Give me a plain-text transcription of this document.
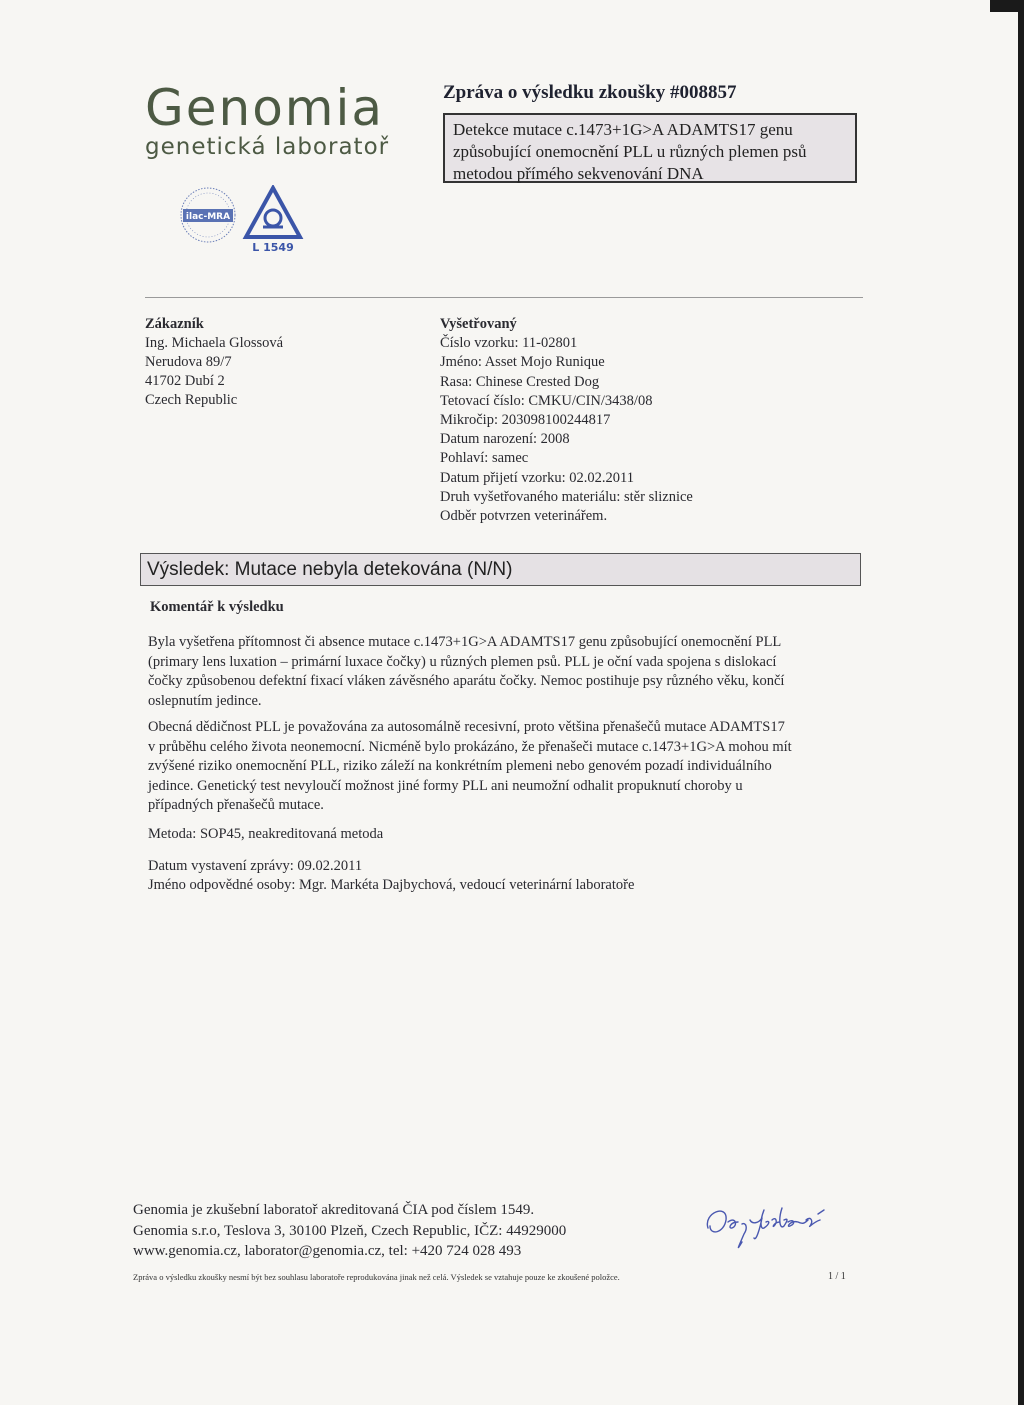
Genomia
genetická laboratoř
ilac-MRA
L 1549
Zpráva o výsledku zkoušky #008857
Detekce mutace c.1473+1G>A ADAMTS17 genu
způsobující onemocnění PLL u různých plemen psů
metodou přímého sekvenování DNA
Zákazník
Ing. Michaela Glossová
Nerudova 89/7
41702 Dubí 2
Czech Republic
Vyšetřovaný
Číslo vzorku: 11-02801
Jméno: Asset Mojo Runique
Rasa: Chinese Crested Dog
Tetovací číslo: CMKU/CIN/3438/08
Mikročip: 203098100244817
Datum narození: 2008
Pohlaví: samec
Datum přijetí vzorku: 02.02.2011
Druh vyšetřovaného materiálu: stěr sliznice
Odběr potvrzen veterinářem.
Výsledek: Mutace nebyla detekována (N/N)
Komentář k výsledku
Byla vyšetřena přítomnost či absence mutace c.1473+1G>A ADAMTS17 genu způsobující onemocnění PLL
(primary lens luxation – primární luxace čočky) u různých plemen psů. PLL je oční vada spojena s dislokací
čočky způsobenou defektní fixací vláken závěsného aparátu čočky. Nemoc postihuje psy různého věku, končí
oslepnutím jedince.
Obecná dědičnost PLL je považována za autosomálně recesivní, proto většina přenašečů mutace ADAMTS17
v průběhu celého života neonemocní. Nicméně bylo prokázáno, že přenašeči mutace c.1473+1G>A mohou mít
zvýšené riziko onemocnění PLL, riziko záleží na konkrétním plemeni nebo genovém pozadí individuálního
jedince. Genetický test nevyloučí možnost jiné formy PLL ani neumožní odhalit propuknutí choroby u
případných přenašečů mutace.
Metoda: SOP45, neakreditovaná metoda
Datum vystavení zprávy: 09.02.2011
Jméno odpovědné osoby: Mgr. Markéta Dajbychová, vedoucí veterinární laboratoře
Genomia je zkušební laboratoř akreditovaná ČIA pod číslem 1549.
Genomia s.r.o, Teslova 3, 30100 Plzeň, Czech Republic, IČZ: 44929000
www.genomia.cz, laborator@genomia.cz, tel: +420 724 028 493
Zpráva o výsledku zkoušky nesmí být bez souhlasu laboratoře reprodukována jinak než celá. Výsledek se vztahuje pouze ke zkoušené položce.	1 / 1
